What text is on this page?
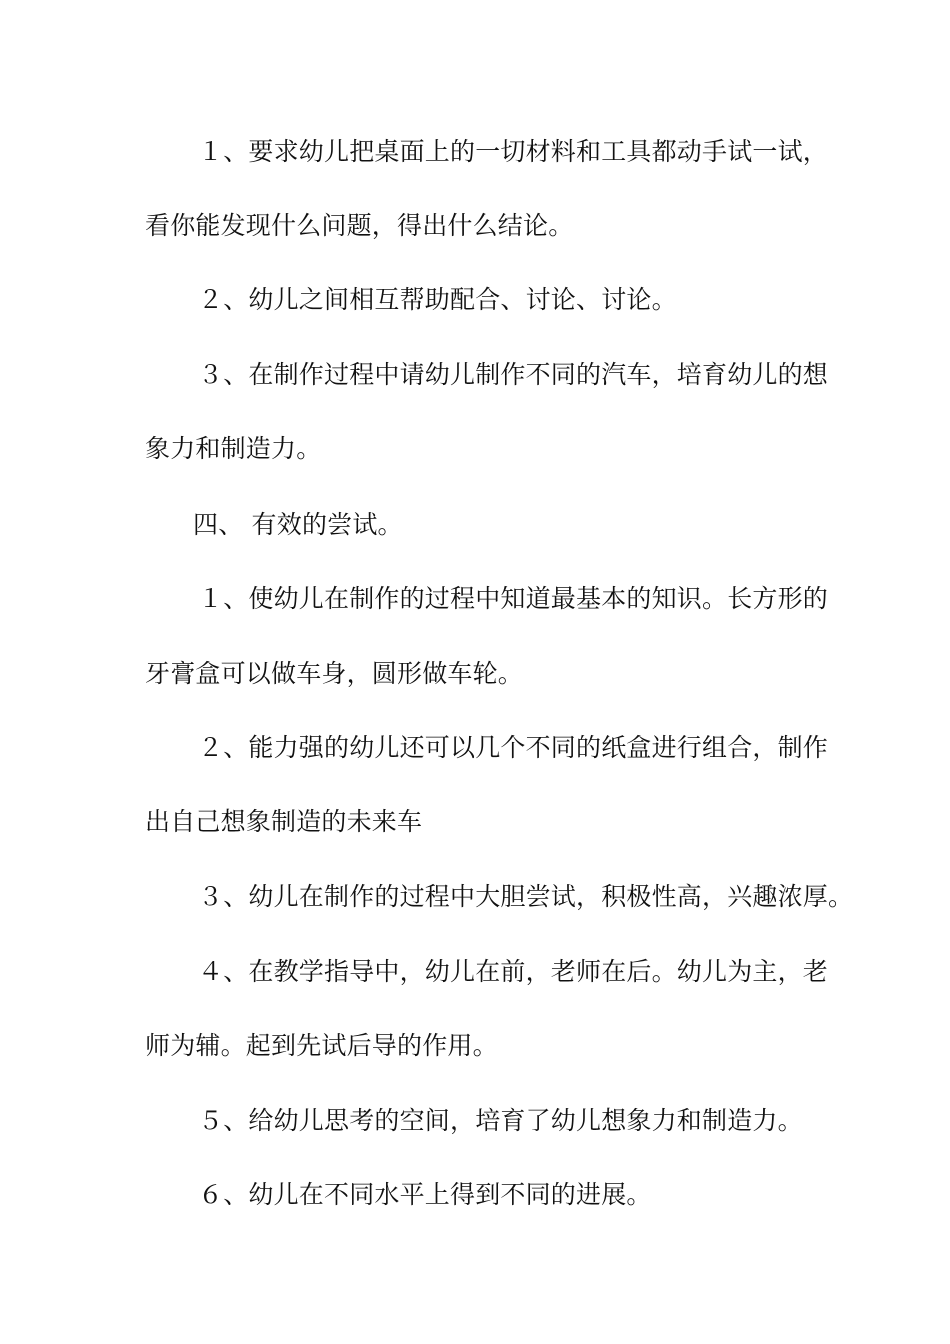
１、要求幼儿把桌面上的一切材料和工具都动手试一试，
看你能发现什么问题，得出什么结论。
２、幼儿之间相互帮助配合、讨论、讨论。
３、在制作过程中请幼儿制作不同的汽车，培育幼儿的想
象力和制造力。
四、 有效的尝试。
１、使幼儿在制作的过程中知道最基本的知识。长方形的
牙膏盒可以做车身，圆形做车轮。
２、能力强的幼儿还可以几个不同的纸盒进行组合，制作
出自己想象制造的未来车
３、幼儿在制作的过程中大胆尝试，积极性高，兴趣浓厚。
４、在教学指导中，幼儿在前，老师在后。幼儿为主，老
师为辅。起到先试后导的作用。
５、给幼儿思考的空间，培育了幼儿想象力和制造力。
６、幼儿在不同水平上得到不同的进展。
